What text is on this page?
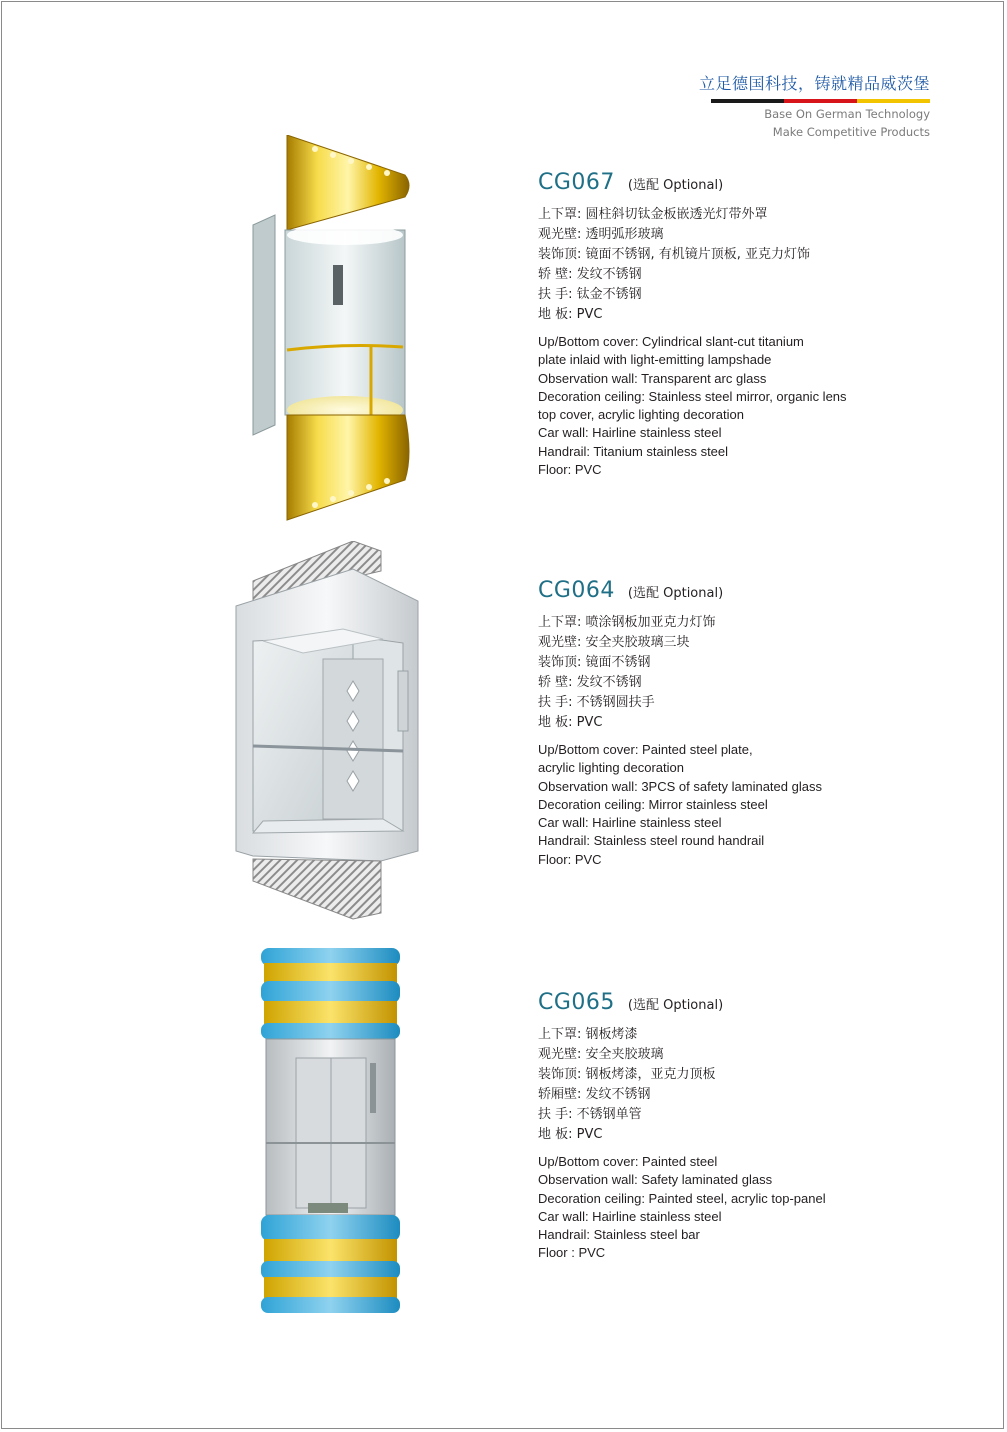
立足德国科技，铸就精品威茨堡
Base On German Technology
Make Competitive Products
CG067 (选配 Optional)
上下罩: 圆柱斜切钛金板嵌透光灯带外罩
观光壁: 透明弧形玻璃
装饰顶: 镜面不锈钢, 有机镜片顶板, 亚克力灯饰
轿 壁: 发纹不锈钢
扶 手: 钛金不锈钢
地 板: PVC
Up/Bottom cover: Cylindrical slant-cut titanium
plate inlaid with light-emitting lampshade
Observation wall: Transparent arc glass
Decoration ceiling: Stainless steel mirror, organic lens
top cover, acrylic lighting decoration
Car wall: Hairline stainless steel
Handrail: Titanium stainless steel
Floor: PVC
CG064 (选配 Optional)
上下罩: 喷涂钢板加亚克力灯饰
观光壁: 安全夹胶玻璃三块
装饰顶: 镜面不锈钢
轿 壁: 发纹不锈钢
扶 手: 不锈钢圆扶手
地 板: PVC
Up/Bottom cover: Painted steel plate,
acrylic lighting decoration
Observation wall: 3PCS of safety laminated glass
Decoration ceiling: Mirror stainless steel
Car wall: Hairline stainless steel
Handrail: Stainless steel round handrail
Floor: PVC
CG065 (选配 Optional)
上下罩: 钢板烤漆
观光壁: 安全夹胶玻璃
装饰顶: 钢板烤漆，亚克力顶板
轿厢壁: 发纹不锈钢
扶 手: 不锈钢单管
地 板: PVC
Up/Bottom cover: Painted steel
Observation wall: Safety laminated glass
Decoration ceiling: Painted steel, acrylic top-panel
Car wall: Hairline stainless steel
Handrail: Stainless steel bar
Floor : PVC
